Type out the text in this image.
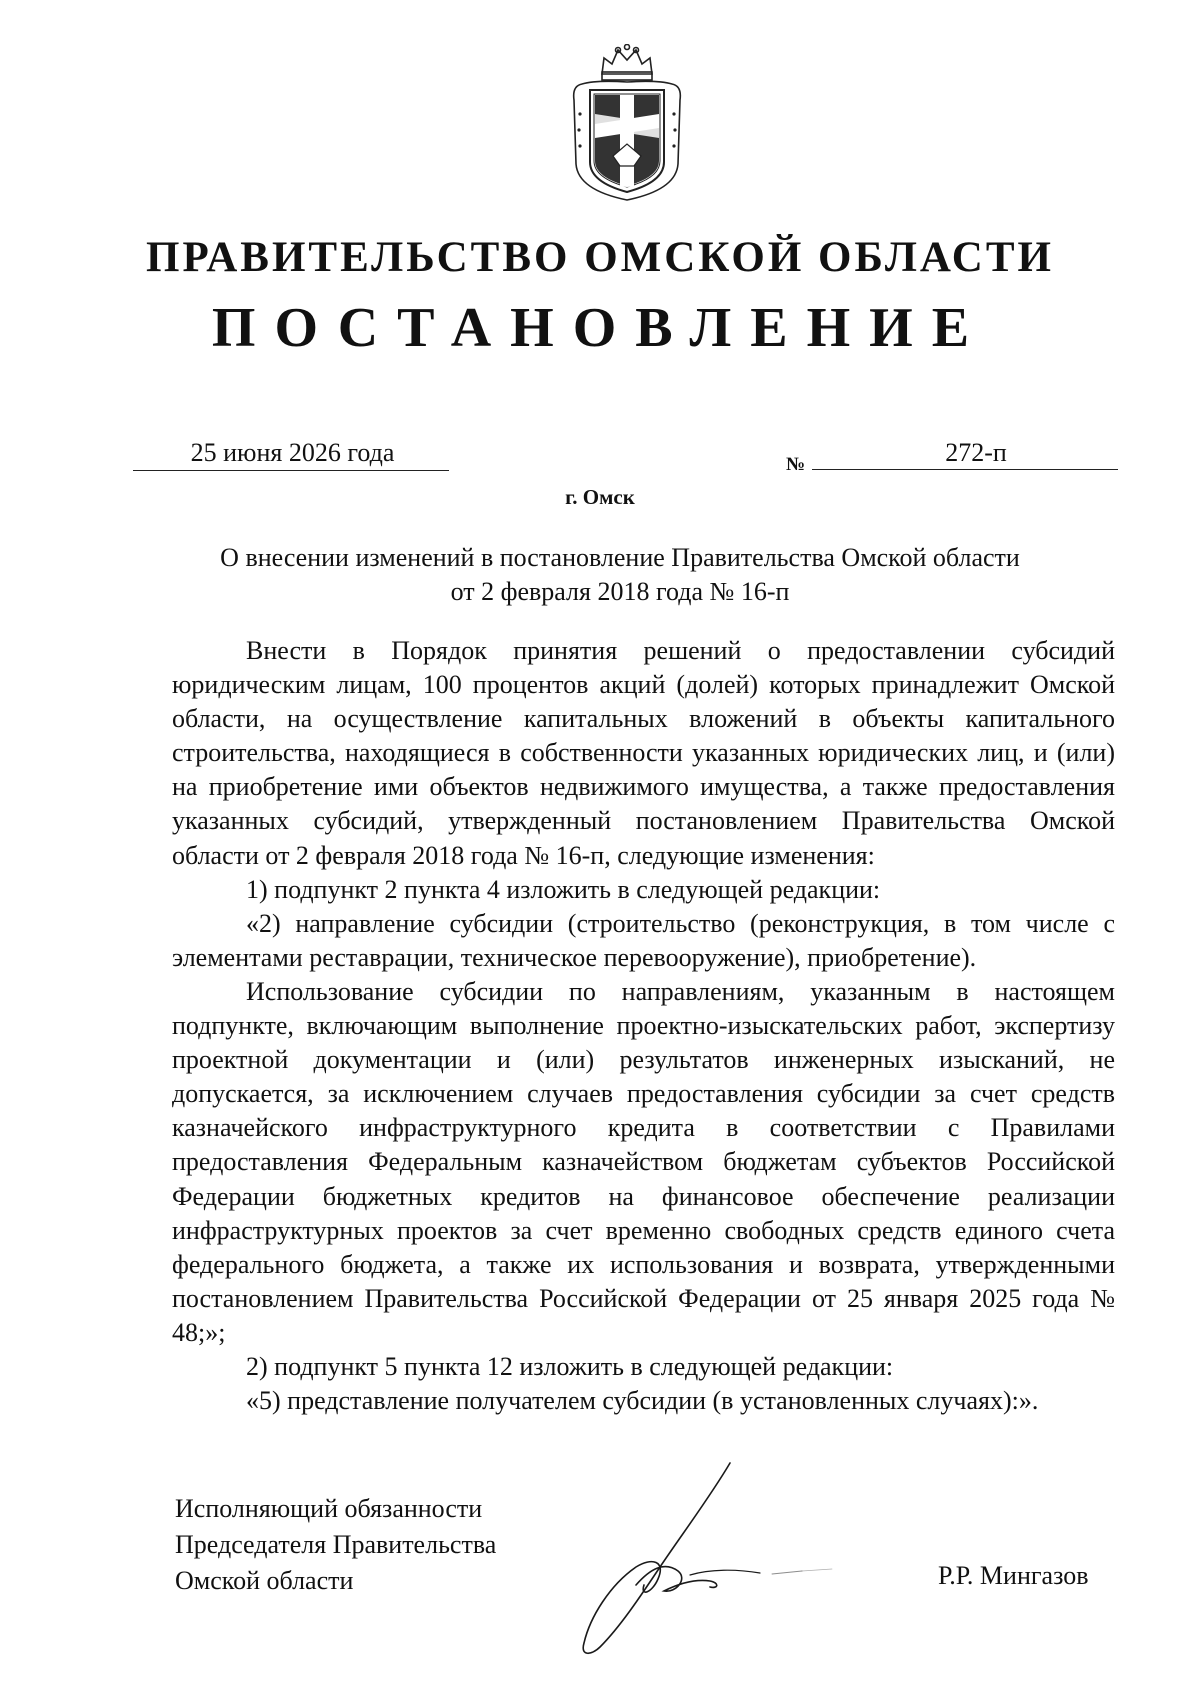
ПРАВИТЕЛЬСТВО ОМСКОЙ ОБЛАСТИ
ПОСТАНОВЛЕНИЕ
25 июня 2026 года	№	272-п
г. Омск
О внесении изменений в постановление Правительства Омской области
от 2 февраля 2018 года № 16-п

Внести в Порядок принятия решений о предоставлении субсидий юридическим лицам, 100 процентов акций (долей) которых принадлежит Омской области, на осуществление капитальных вложений в объекты капитального строительства, находящиеся в собственности указанных юридических лиц, и (или) на приобретение ими объектов недвижимого имущества, а также предоставления указанных субсидий, утвержденный постановлением Правительства Омской области от 2 февраля 2018 года № 16-п, следующие изменения:

1) подпункт 2 пункта 4 изложить в следующей редакции:

«2) направление субсидии (строительство (реконструкция, в том числе с элементами реставрации, техническое перевооружение), приобретение).

Использование субсидии по направлениям, указанным в настоящем подпункте, включающим выполнение проектно-изыскательских работ, экспертизу проектной документации и (или) результатов инженерных изысканий, не допускается, за исключением случаев предоставления субсидии за счет средств казначейского инфраструктурного кредита в соответствии с Правилами предоставления Федеральным казначейством бюджетам субъектов Российской Федерации бюджетных кредитов на финансовое обеспечение реализации инфраструктурных проектов за счет временно свободных средств единого счета федерального бюджета, а также их использования и возврата, утвержденными постановлением Правительства Российской Федерации от 25 января 2025 года № 48;»;

2) подпункт 5 пункта 12 изложить в следующей редакции:

«5) представление получателем субсидии (в установленных случаях):».

Исполняющий обязанности
Председателя Правительства
Омской области	Р.Р. Мингазов
